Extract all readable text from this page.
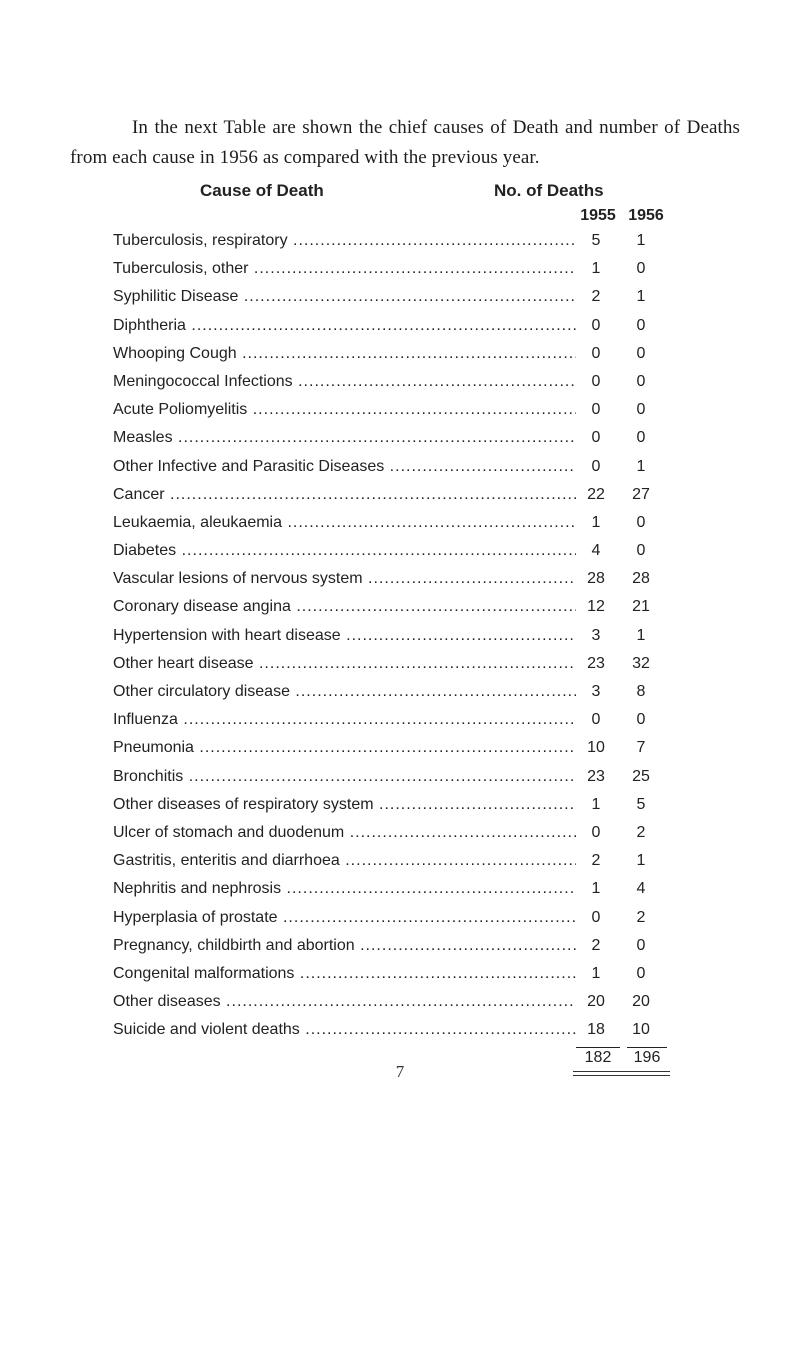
In the next Table are shown the chief causes of Death and number of Deaths from each cause in 1956 as compared with the previous year.

Cause of Death	No. of Deaths
1955 1956
Tuberculosis, respiratory .....	5	1
Tuberculosis, other .....	1	0
Syphilitic Disease .....	2	1
Diphtheria .....	0	0
Whooping Cough .....	0	0
Meningococcal Infections .....	0	0
Acute Poliomyelitis .....	0	0
Measles .....	0	0
Other Infective and Parasitic Diseases .....	0	1
Cancer .....	22	27
Leukaemia, aleukaemia .....	1	0
Diabetes .....	4	0
Vascular lesions of nervous system .....	28	28
Coronary disease angina .....	12	21
Hypertension with heart disease .....	3	1
Other heart disease .....	23	32
Other circulatory disease .....	3	8
Influenza .....	0	0
Pneumonia .....	10	7
Bronchitis .....	23	25
Other diseases of respiratory system .....	1	5
Ulcer of stomach and duodenum .....	0	2
Gastritis, enteritis and diarrhoea .....	2	1
Nephritis and nephrosis .....	1	4
Hyperplasia of prostate .....	0	2
Pregnancy, childbirth and abortion .....	2	0
Congenital malformations .....	1	0
Other diseases .....	20	20
Suicide and violent deaths .....	18	10
182	196
7
